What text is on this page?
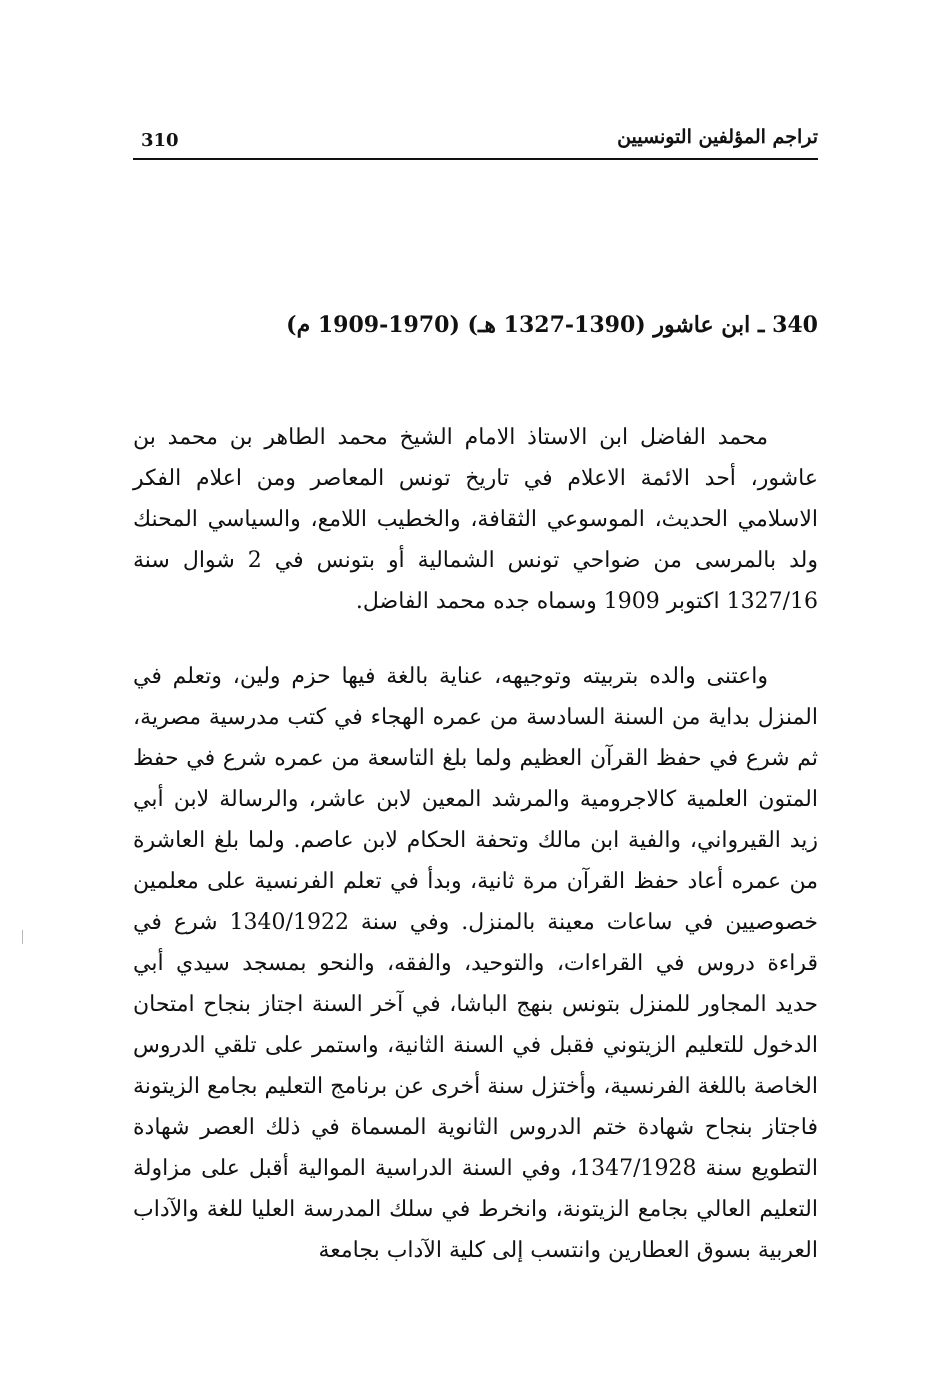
310	تراجم المؤلفين التونسيين
340 ـ ابن عاشور (1327-1390 هـ) (1909-1970 م)

محمد الفاضل ابن الاستاذ الامام الشيخ محمد الطاهر بن محمد بن عاشور، أحد الائمة الاعلام في تاريخ تونس المعاصر ومن اعلام الفكر الاسلامي الحديث، الموسوعي الثقافة، والخطيب اللامع، والسياسي المحنك ولد بالمرسى من ضواحي تونس الشمالية أو بتونس في 2 شوال سنة 1327/16 اكتوبر 1909 وسماه جده محمد الفاضل.

واعتنى والده بتربيته وتوجيهه، عناية بالغة فيها حزم ولين، وتعلم في المنزل بداية من السنة السادسة من عمره الهجاء في كتب مدرسية مصرية، ثم شرع في حفظ القرآن العظيم ولما بلغ التاسعة من عمره شرع في حفظ المتون العلمية كالاجرومية والمرشد المعين لابن عاشر، والرسالة لابن أبي زيد القيرواني، والفية ابن مالك وتحفة الحكام لابن عاصم. ولما بلغ العاشرة من عمره أعاد حفظ القرآن مرة ثانية، وبدأ في تعلم الفرنسية على معلمين خصوصيين في ساعات معينة بالمنزل. وفي سنة 1340/1922 شرع في قراءة دروس في القراءات، والتوحيد، والفقه، والنحو بمسجد سيدي أبي حديد المجاور للمنزل بتونس بنهج الباشا، في آخر السنة اجتاز بنجاح امتحان الدخول للتعليم الزيتوني فقبل في السنة الثانية، واستمر على تلقي الدروس الخاصة باللغة الفرنسية، وأختزل سنة أخرى عن برنامج التعليم بجامع الزيتونة فاجتاز بنجاح شهادة ختم الدروس الثانوية المسماة في ذلك العصر شهادة التطويع سنة 1347/1928، وفي السنة الدراسية الموالية أقبل على مزاولة التعليم العالي بجامع الزيتونة، وانخرط في سلك المدرسة العليا للغة والآداب العربية بسوق العطارين وانتسب إلى كلية الآداب بجامعة
